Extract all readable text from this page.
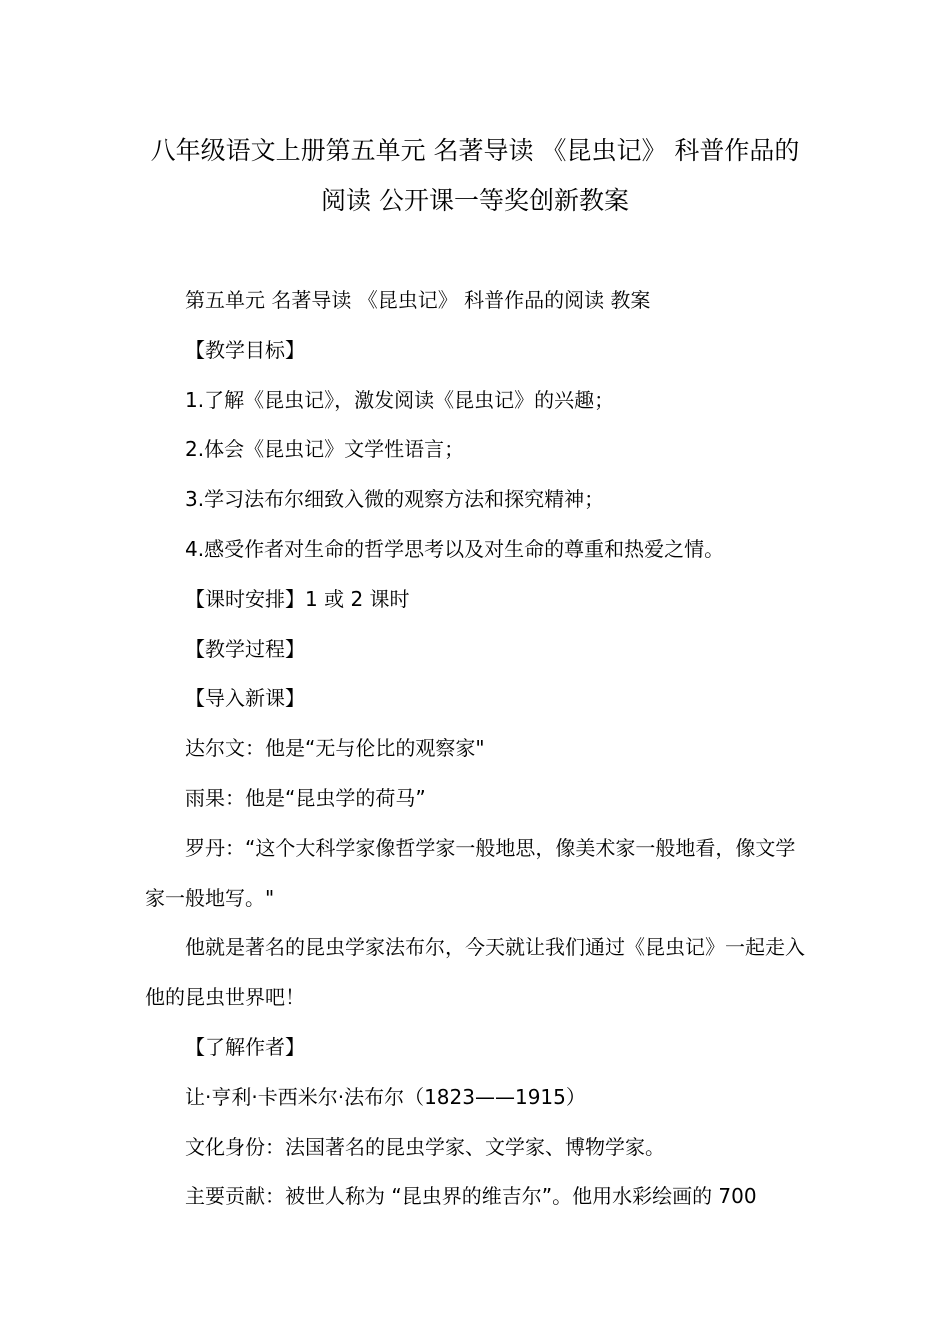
八年级语文上册第五单元 名著导读 《昆虫记》 科普作品的阅读 公开课一等奖创新教案

第五单元 名著导读 《昆虫记》 科普作品的阅读 教案

【教学目标】

1.了解《昆虫记》，激发阅读《昆虫记》的兴趣；

2.体会《昆虫记》文学性语言；

3.学习法布尔细致入微的观察方法和探究精神；

4.感受作者对生命的哲学思考以及对生命的尊重和热爱之情。

【课时安排】1 或 2 课时

【教学过程】

【导入新课】

达尔文：他是“无与伦比的观察家"

雨果：他是“昆虫学的荷马”

罗丹：“这个大科学家像哲学家一般地思，像美术家一般地看，像文学家一般地写。"

他就是著名的昆虫学家法布尔，今天就让我们通过《昆虫记》一起走入他的昆虫世界吧！

【了解作者】

让·亨利·卡西米尔·法布尔（1823——1915）

文化身份：法国著名的昆虫学家、文学家、博物学家。

主要贡献：被世人称为 “昆虫界的维吉尔”。他用水彩绘画的 700
